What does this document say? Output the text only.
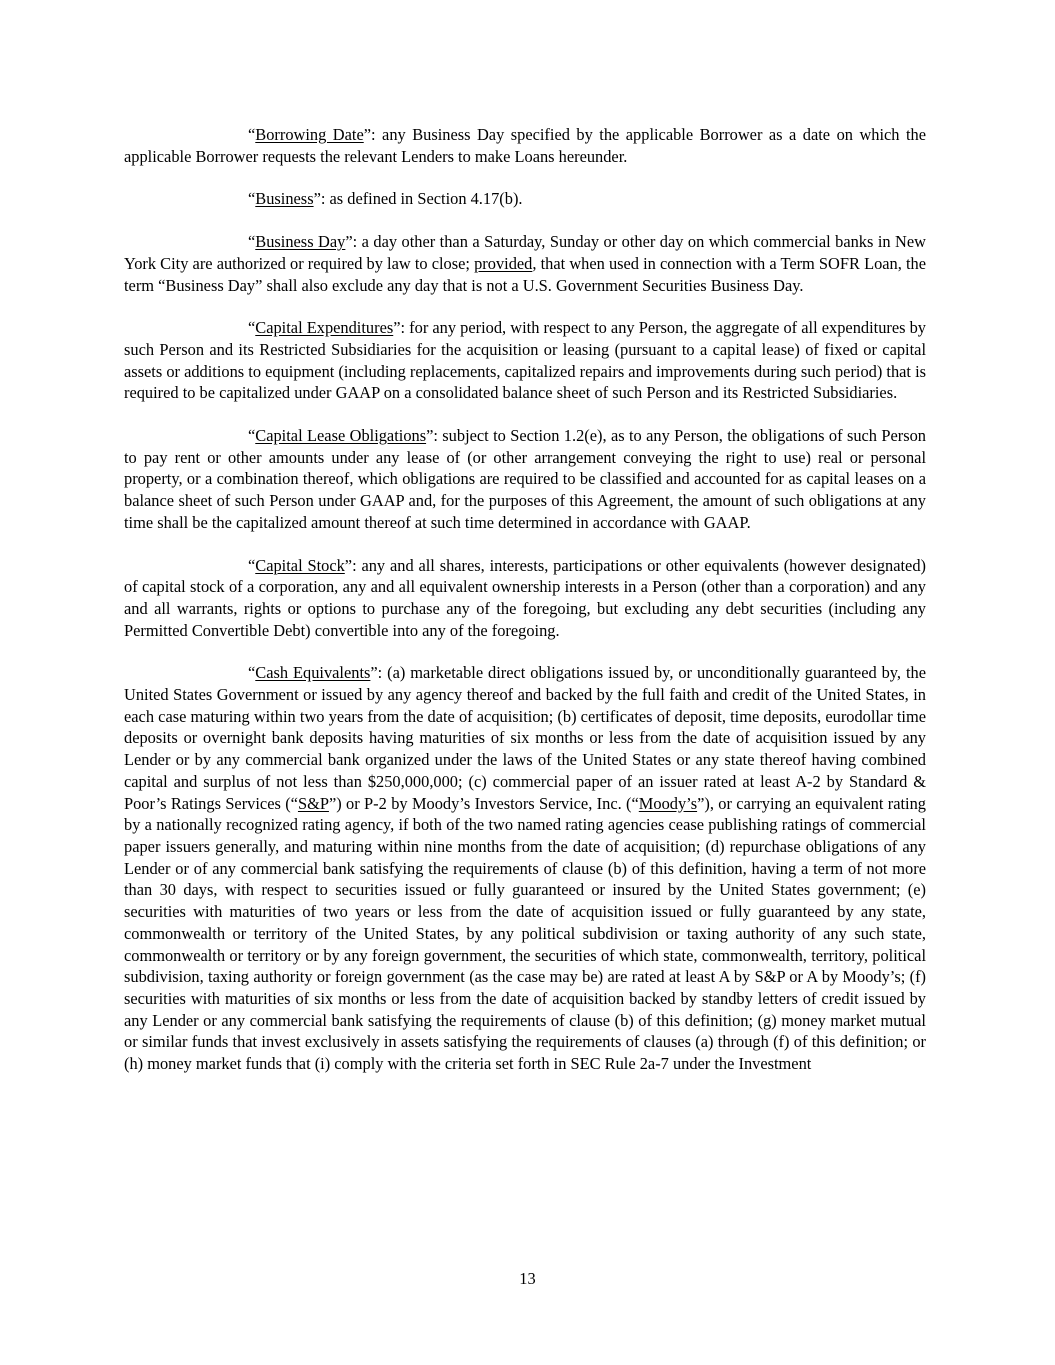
“Borrowing Date”: any Business Day specified by the applicable Borrower as a date on which the applicable Borrower requests the relevant Lenders to make Loans hereunder.

“Business”: as defined in Section 4.17(b).

“Business Day”: a day other than a Saturday, Sunday or other day on which commercial banks in New York City are authorized or required by law to close; provided, that when used in connection with a Term SOFR Loan, the term “Business Day” shall also exclude any day that is not a U.S. Government Securities Business Day.

“Capital Expenditures”: for any period, with respect to any Person, the aggregate of all expenditures by such Person and its Restricted Subsidiaries for the acquisition or leasing (pursuant to a capital lease) of fixed or capital assets or additions to equipment (including replacements, capitalized repairs and improvements during such period) that is required to be capitalized under GAAP on a consolidated balance sheet of such Person and its Restricted Subsidiaries.

“Capital Lease Obligations”: subject to Section 1.2(e), as to any Person, the obligations of such Person to pay rent or other amounts under any lease of (or other arrangement conveying the right to use) real or personal property, or a combination thereof, which obligations are required to be classified and accounted for as capital leases on a balance sheet of such Person under GAAP and, for the purposes of this Agreement, the amount of such obligations at any time shall be the capitalized amount thereof at such time determined in accordance with GAAP.

“Capital Stock”: any and all shares, interests, participations or other equivalents (however designated) of capital stock of a corporation, any and all equivalent ownership interests in a Person (other than a corporation) and any and all warrants, rights or options to purchase any of the foregoing, but excluding any debt securities (including any Permitted Convertible Debt) convertible into any of the foregoing.

“Cash Equivalents”: (a) marketable direct obligations issued by, or unconditionally guaranteed by, the United States Government or issued by any agency thereof and backed by the full faith and credit of the United States, in each case maturing within two years from the date of acquisition; (b) certificates of deposit, time deposits, eurodollar time deposits or overnight bank deposits having maturities of six months or less from the date of acquisition issued by any Lender or by any commercial bank organized under the laws of the United States or any state thereof having combined capital and surplus of not less than $250,000,000; (c) commercial paper of an issuer rated at least A-2 by Standard & Poor’s Ratings Services (“S&P”) or P-2 by Moody’s Investors Service, Inc. (“Moody’s”), or carrying an equivalent rating by a nationally recognized rating agency, if both of the two named rating agencies cease publishing ratings of commercial paper issuers generally, and maturing within nine months from the date of acquisition; (d) repurchase obligations of any Lender or of any commercial bank satisfying the requirements of clause (b) of this definition, having a term of not more than 30 days, with respect to securities issued or fully guaranteed or insured by the United States government; (e) securities with maturities of two years or less from the date of acquisition issued or fully guaranteed by any state, commonwealth or territory of the United States, by any political subdivision or taxing authority of any such state, commonwealth or territory or by any foreign government, the securities of which state, commonwealth, territory, political subdivision, taxing authority or foreign government (as the case may be) are rated at least A by S&P or A by Moody’s; (f) securities with maturities of six months or less from the date of acquisition backed by standby letters of credit issued by any Lender or any commercial bank satisfying the requirements of clause (b) of this definition; (g) money market mutual or similar funds that invest exclusively in assets satisfying the requirements of clauses (a) through (f) of this definition; or (h) money market funds that (i) comply with the criteria set forth in SEC Rule 2a-7 under the Investment

13
